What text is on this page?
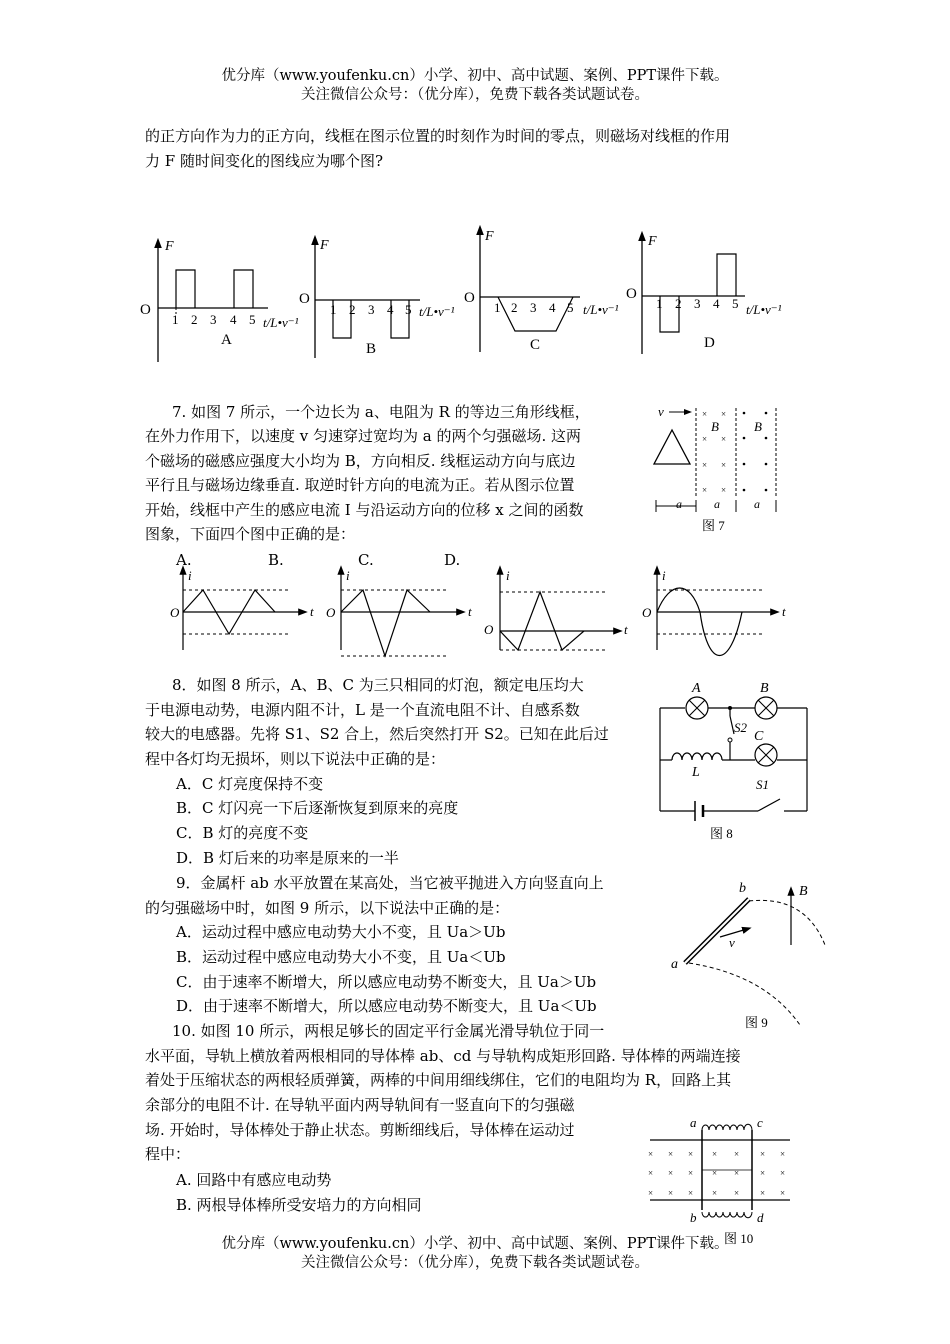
优分库（www.youfenku.cn）小学、初中、高中试题、案例、PPT课件下载。
关注微信公众号：（优分库），免费下载各类试题试卷。
的正方向作为力的正方向，线框在图示位置的时刻作为时间的零点，则磁场对线框的作用
力 F 随时间变化的图线应为哪个图?
F
O
1 2 3 4 5 t/L•v⁻¹
A
F
O
1 2 3 4 5 t/L•v⁻¹
B
F
O
1 2 3 4 5 t/L•v⁻¹
C
F
O
1 2 3 4 5 t/L•v⁻¹
D
7. 如图 7 所示，一个边长为 a、电阻为 R 的等边三角形线框，
在外力作用下，以速度 v 匀速穿过宽均为 a 的两个匀强磁场. 这两
个磁场的磁感应强度大小均为 B，方向相反. 线框运动方向与底边
平行且与磁场边缘垂直. 取逆时针方向的电流为正。若从图示位置
开始，线框中产生的感应电流 I 与沿运动方向的位移 x 之间的函数
图象，下面四个图中正确的是：
A.	B.	C.	D.
v	× ×
× ×
× ×
× ×
B	B
a	a	a
图 7
i
O	t
i
O	t
i
O	t
i
O	t
8．如图 8 所示，A、B、C 为三只相同的灯泡，额定电压均大
于电源电动势，电源内阻不计，L 是一个直流电阻不计、自感系数
较大的电感器。先将 S1、S2 合上，然后突然打开 S2。已知在此后过
程中各灯均无损坏，则以下说法中正确的是：
A．C 灯亮度保持不变
B．C 灯闪亮一下后逐渐恢复到原来的亮度
C．B 灯的亮度不变
D．B 灯后来的功率是原来的一半
A	B
S2
C
L
S1
图 8
9．金属杆 ab 水平放置在某高处，当它被平抛进入方向竖直向上
的匀强磁场中时，如图 9 所示，以下说法中正确的是：
A．运动过程中感应电动势大小不变，且 Ua＞Ub
B．运动过程中感应电动势大小不变，且 Ua＜Ub
C．由于速率不断增大，所以感应电动势不断变大，且 Ua＞Ub
D．由于速率不断增大，所以感应电动势不断变大，且 Ua＜Ub
a
b
v
B
图 9
10. 如图 10 所示，两根足够长的固定平行金属光滑导轨位于同一
水平面，导轨上横放着两根相同的导体棒 ab、cd 与导轨构成矩形回路. 导体棒的两端连接
着处于压缩状态的两根轻质弹簧，两棒的中间用细线绑住，它们的电阻均为 R，回路上其
余部分的电阻不计. 在导轨平面内两导轨间有一竖直向下的匀强磁
场. 开始时，导体棒处于静止状态。剪断细线后，导体棒在运动过
程中：
A. 回路中有感应电动势
B. 两根导体棒所受安培力的方向相同
× × × × × × ×
× × × × × × ×
× × × × × × ×
a	c
b	d
图 10
优分库（www.youfenku.cn）小学、初中、高中试题、案例、PPT课件下载。
关注微信公众号：（优分库），免费下载各类试题试卷。
